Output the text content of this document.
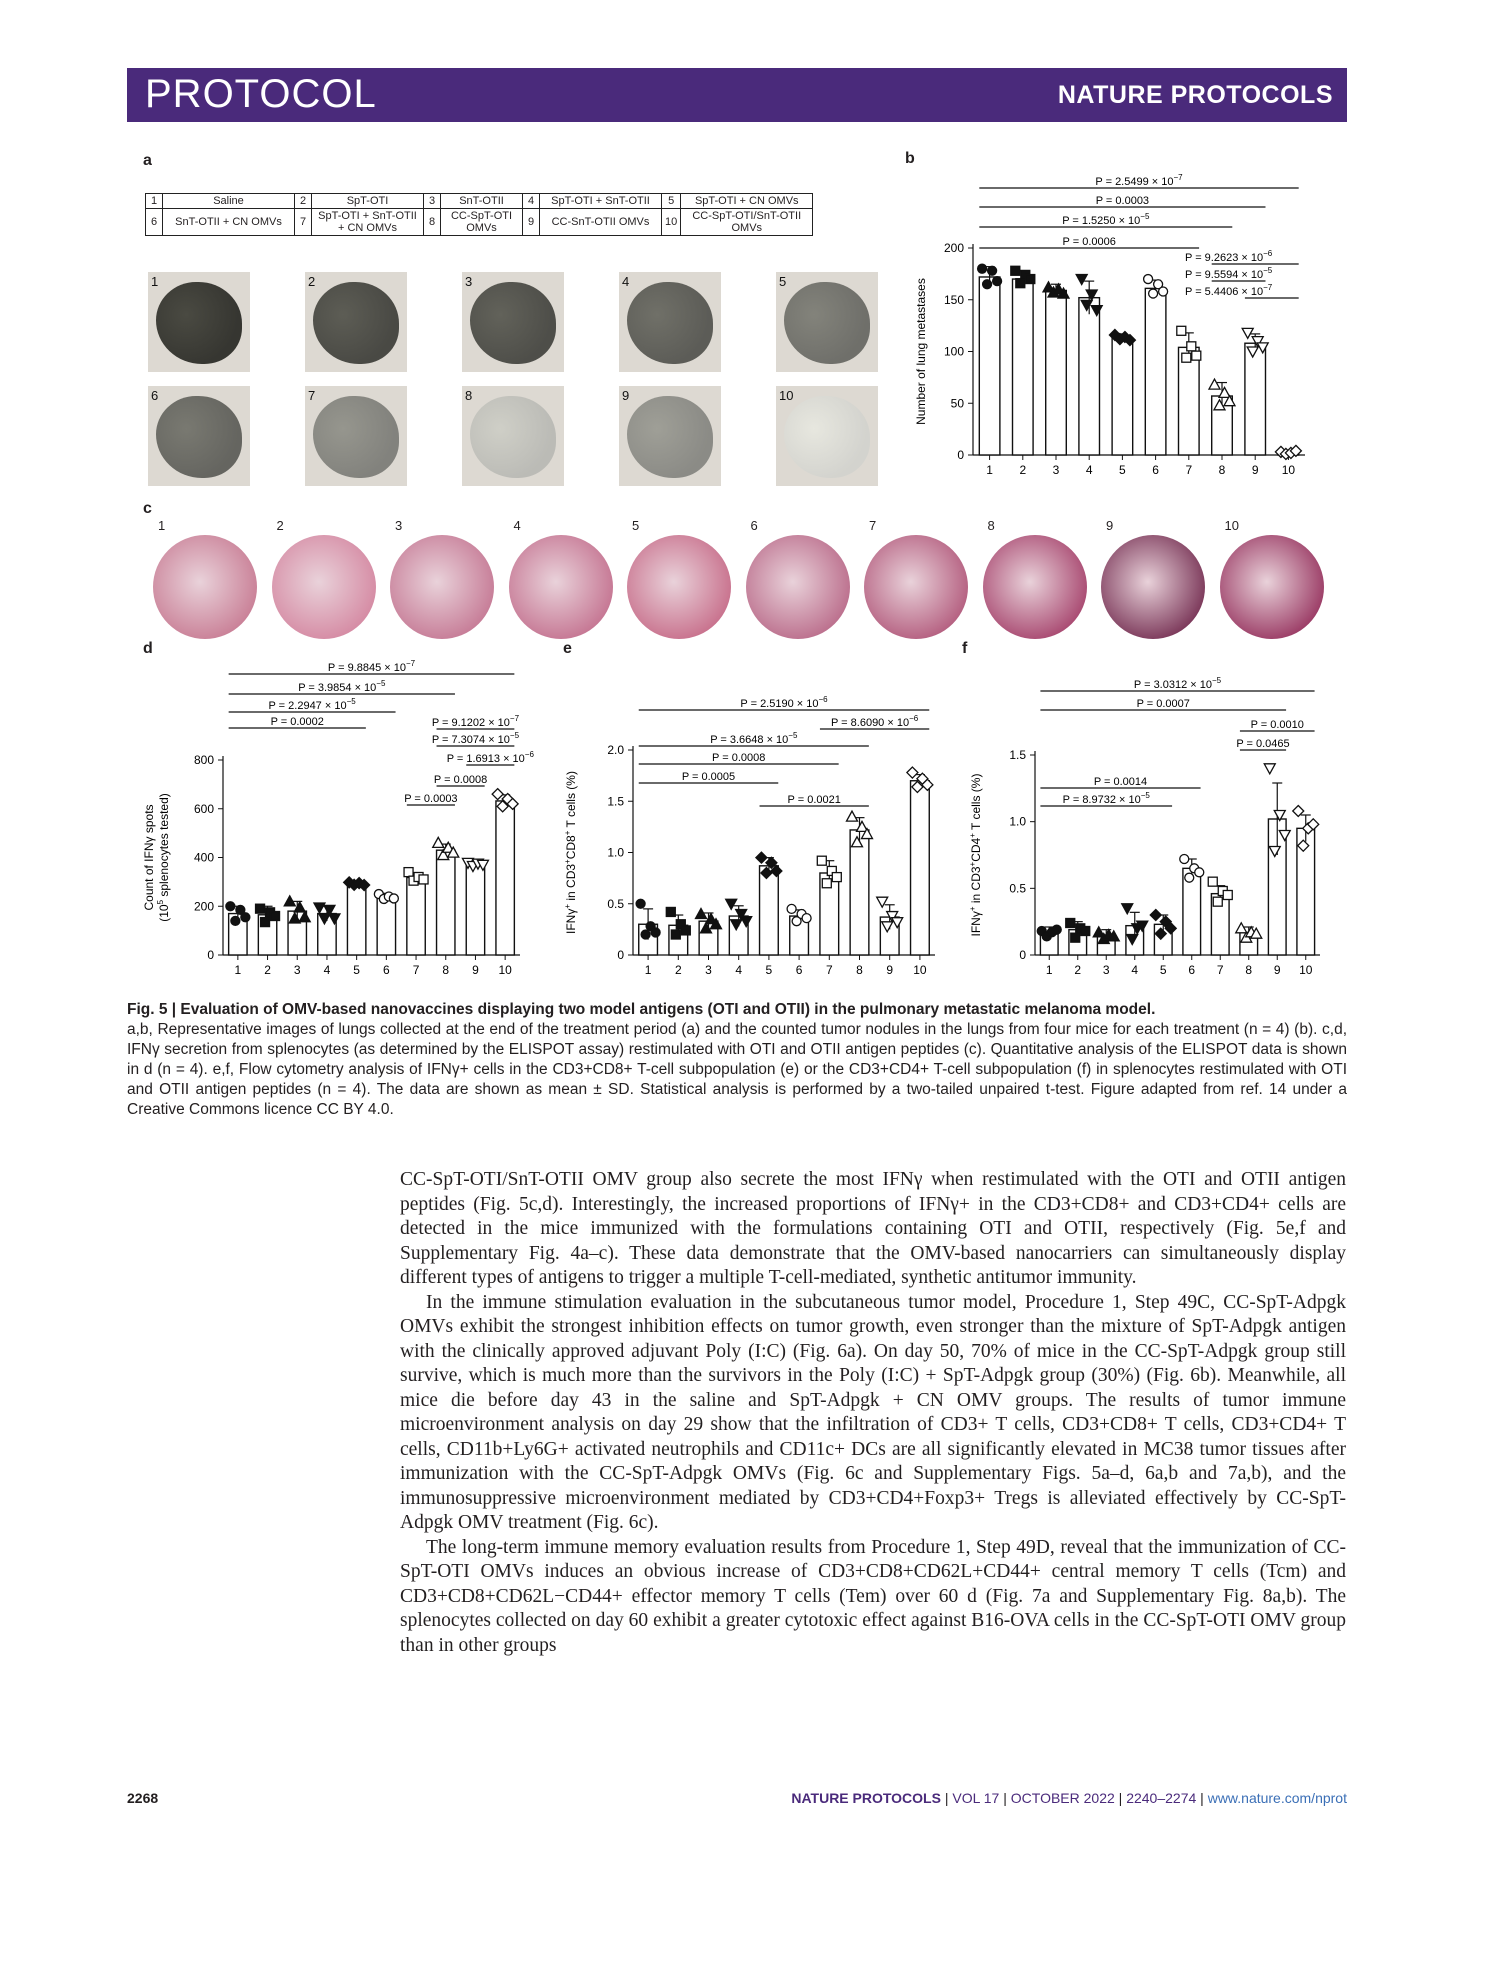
PROTOCOL	NATURE PROTOCOLS
a	b
c
d	e	f
1	Saline	2	SpT-OTI	3	SnT-OTII	4	SpT-OTI + SnT-OTII	5	SpT-OTI + CN OMVs
6	SnT-OTII + CN OMVs	7	SpT-OTI + SnT-OTII + CN OMVs	8	CC-SpT-OTI OMVs	9	CC-SnT-OTII OMVs	10	CC-SpT-OTI/SnT-OTII OMVs
1	2	3	4	5
6	7	8	9	10
1	2	3	4	5	6	7	8	9	10
0
50
100
150
200
1 2 3 4 5 6 7 8 9 10
$P = 2.5499 \times 10^{-7}$
P = 0.0003
$P = 1.5250 \times 10^{-5}$
P = 0.0006
$P = 9.2623 \times 10^{-6}$
$P = 9.5594 \times 10^{-5}$
$P = 5.4406 \times 10^{-7}$
Number of lung metastases
0
200
400
600
800
1 2 3 4 5 6 7 8 9 10
$P = 9.8845 \times 10^{-7}$
$P = 3.9854 \times 10^{-5}$
$P = 2.2947 \times 10^{-5}$
P = 0.0002	$P = 9.1202 \times 10^{-7}$
$P = 7.3074 \times 10^{-5}$
$P = 1.6913 \times 10^{-6}$
P = 0.0008
P = 0.0003
Count of IFNγ spots
($10^5$ splenocytes tested)
0
0.5
1.0
1.5
2.0
1 2 3 4 5 6 7 8 9 10
$P = 2.5190 \times 10^{-6}$
$P = 8.6090 \times 10^{-6}$
$P = 3.6648 \times 10^{-5}$
P = 0.0008
P = 0.0005
P = 0.0021
IFNγ+ in CD3+CD8+ T cells (%)
0
0.5
1.0
1.5
1 2 3 4 5 6 7 8 9 10
$P = 3.0312 \times 10^{-5}$
P = 0.0007
P = 0.0010
P = 0.0465
P = 0.0014
$P = 8.9732 \times 10^{-5}$
IFNγ+ in CD3+CD4+ T cells (%)
Fig. 5 | Evaluation of OMV-based nanovaccines displaying two model antigens (OTI and OTII) in the pulmonary metastatic melanoma model.
a,b, Representative images of lungs collected at the end of the treatment period (a) and the counted tumor nodules in the lungs from four mice for each treatment (n = 4) (b). c,d, IFNγ secretion from splenocytes (as determined by the ELISPOT assay) restimulated with OTI and OTII antigen peptides (c). Quantitative analysis of the ELISPOT data is shown in d (n = 4). e,f, Flow cytometry analysis of IFNγ+ cells in the CD3+CD8+ T-cell subpopulation (e) or the CD3+CD4+ T-cell subpopulation (f) in splenocytes restimulated with OTI and OTII antigen peptides (n = 4). The data are shown as mean ± SD. Statistical analysis is performed by a two-tailed unpaired t-test. Figure adapted from ref. 14 under a Creative Commons licence CC BY 4.0.

CC-SpT-OTI/SnT-OTII OMV group also secrete the most IFNγ when restimulated with the OTI and OTII antigen peptides (Fig. 5c,d). Interestingly, the increased proportions of IFNγ+ in the CD3+CD8+ and CD3+CD4+ cells are detected in the mice immunized with the formulations containing OTI and OTII, respectively (Fig. 5e,f and Supplementary Fig. 4a–c). These data demonstrate that the OMV-based nanocarriers can simultaneously display different types of antigens to trigger a multiple T-cell-mediated, synthetic antitumor immunity.

In the immune stimulation evaluation in the subcutaneous tumor model, Procedure 1, Step 49C, CC-SpT-Adpgk OMVs exhibit the strongest inhibition effects on tumor growth, even stronger than the mixture of SpT-Adpgk antigen with the clinically approved adjuvant Poly (I:C) (Fig. 6a). On day 50, 70% of mice in the CC-SpT-Adpgk group still survive, which is much more than the survivors in the Poly (I:C) + SpT-Adpgk group (30%) (Fig. 6b). Meanwhile, all mice die before day 43 in the saline and SpT-Adpgk + CN OMV groups. The results of tumor immune microenvironment analysis on day 29 show that the infiltration of CD3+ T cells, CD3+CD8+ T cells, CD3+CD4+ T cells, CD11b+Ly6G+ activated neutrophils and CD11c+ DCs are all significantly elevated in MC38 tumor tissues after immunization with the CC-SpT-Adpgk OMVs (Fig. 6c and Supplementary Figs. 5a–d, 6a,b and 7a,b), and the immunosuppressive microenvironment mediated by CD3+CD4+Foxp3+ Tregs is alleviated effectively by CC-SpT-Adpgk OMV treatment (Fig. 6c).

The long-term immune memory evaluation results from Procedure 1, Step 49D, reveal that the immunization of CC-SpT-OTI OMVs induces an obvious increase of CD3+CD8+CD62L+CD44+ central memory T cells (Tcm) and CD3+CD8+CD62L−CD44+ effector memory T cells (Tem) over 60 d (Fig. 7a and Supplementary Fig. 8a,b). The splenocytes collected on day 60 exhibit a greater cytotoxic effect against B16-OVA cells in the CC-SpT-OTI OMV group than in other groups

2268	NATURE PROTOCOLS | VOL 17 | OCTOBER 2022 | 2240–2274 | www.nature.com/nprot
